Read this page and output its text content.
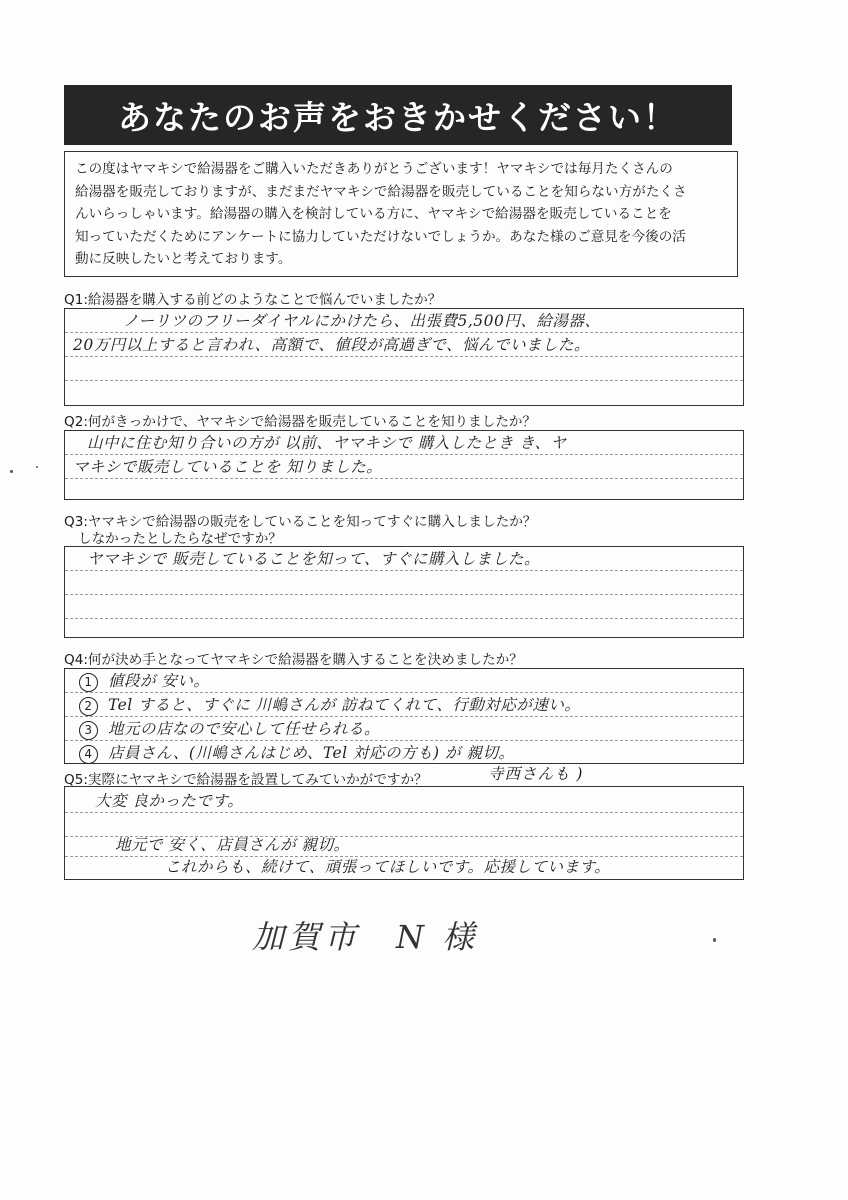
あなたのお声をおきかせください！
この度はヤマキシで給湯器をご購入いただきありがとうございます！ヤマキシでは毎月たくさんの
給湯器を販売しておりますが、まだまだヤマキシで給湯器を販売していることを知らない方がたくさ
んいらっしゃいます。給湯器の購入を検討している方に、ヤマキシで給湯器を販売していることを
知っていただくためにアンケートに協力していただけないでしょうか。あなた様のご意見を今後の活
動に反映したいと考えております。
Q1:給湯器を購入する前どのようなことで悩んでいましたか？
ノーリツのフリーダイヤルにかけたら、出張費5,500円、給湯器、
20万円以上すると言われ、高額で、値段が高過ぎで、悩んでいました。
Q2:何がきっかけで、ヤマキシで給湯器を販売していることを知りましたか？
山中に住む知り合いの方が 以前、ヤマキシで 購入したとき き、ヤ
マキシで販売していることを 知りました。
Q3:ヤマキシで給湯器の販売をしていることを知ってすぐに購入しましたか？
しなかったとしたらなぜですか？
ヤマキシで 販売していることを知って、すぐに購入しました。
Q4:何が決め手となってヤマキシで給湯器を購入することを決めましたか？
1 値段が 安い。
2 Tel すると、すぐに 川嶋さんが 訪ねてくれて、行動対応が速い。
3 地元の店なので安心して任せられる。
4 店員さん、(川嶋さんはじめ、Tel 対応の方も) が 親切。
Q5:実際にヤマキシで給湯器を設置してみていかがですか？	寺西さんも )
大変 良かったです。
地元で 安く、店員さんが 親切。
これからも、続けて、頑張ってほしいです。応援しています。
加賀市　N 様
